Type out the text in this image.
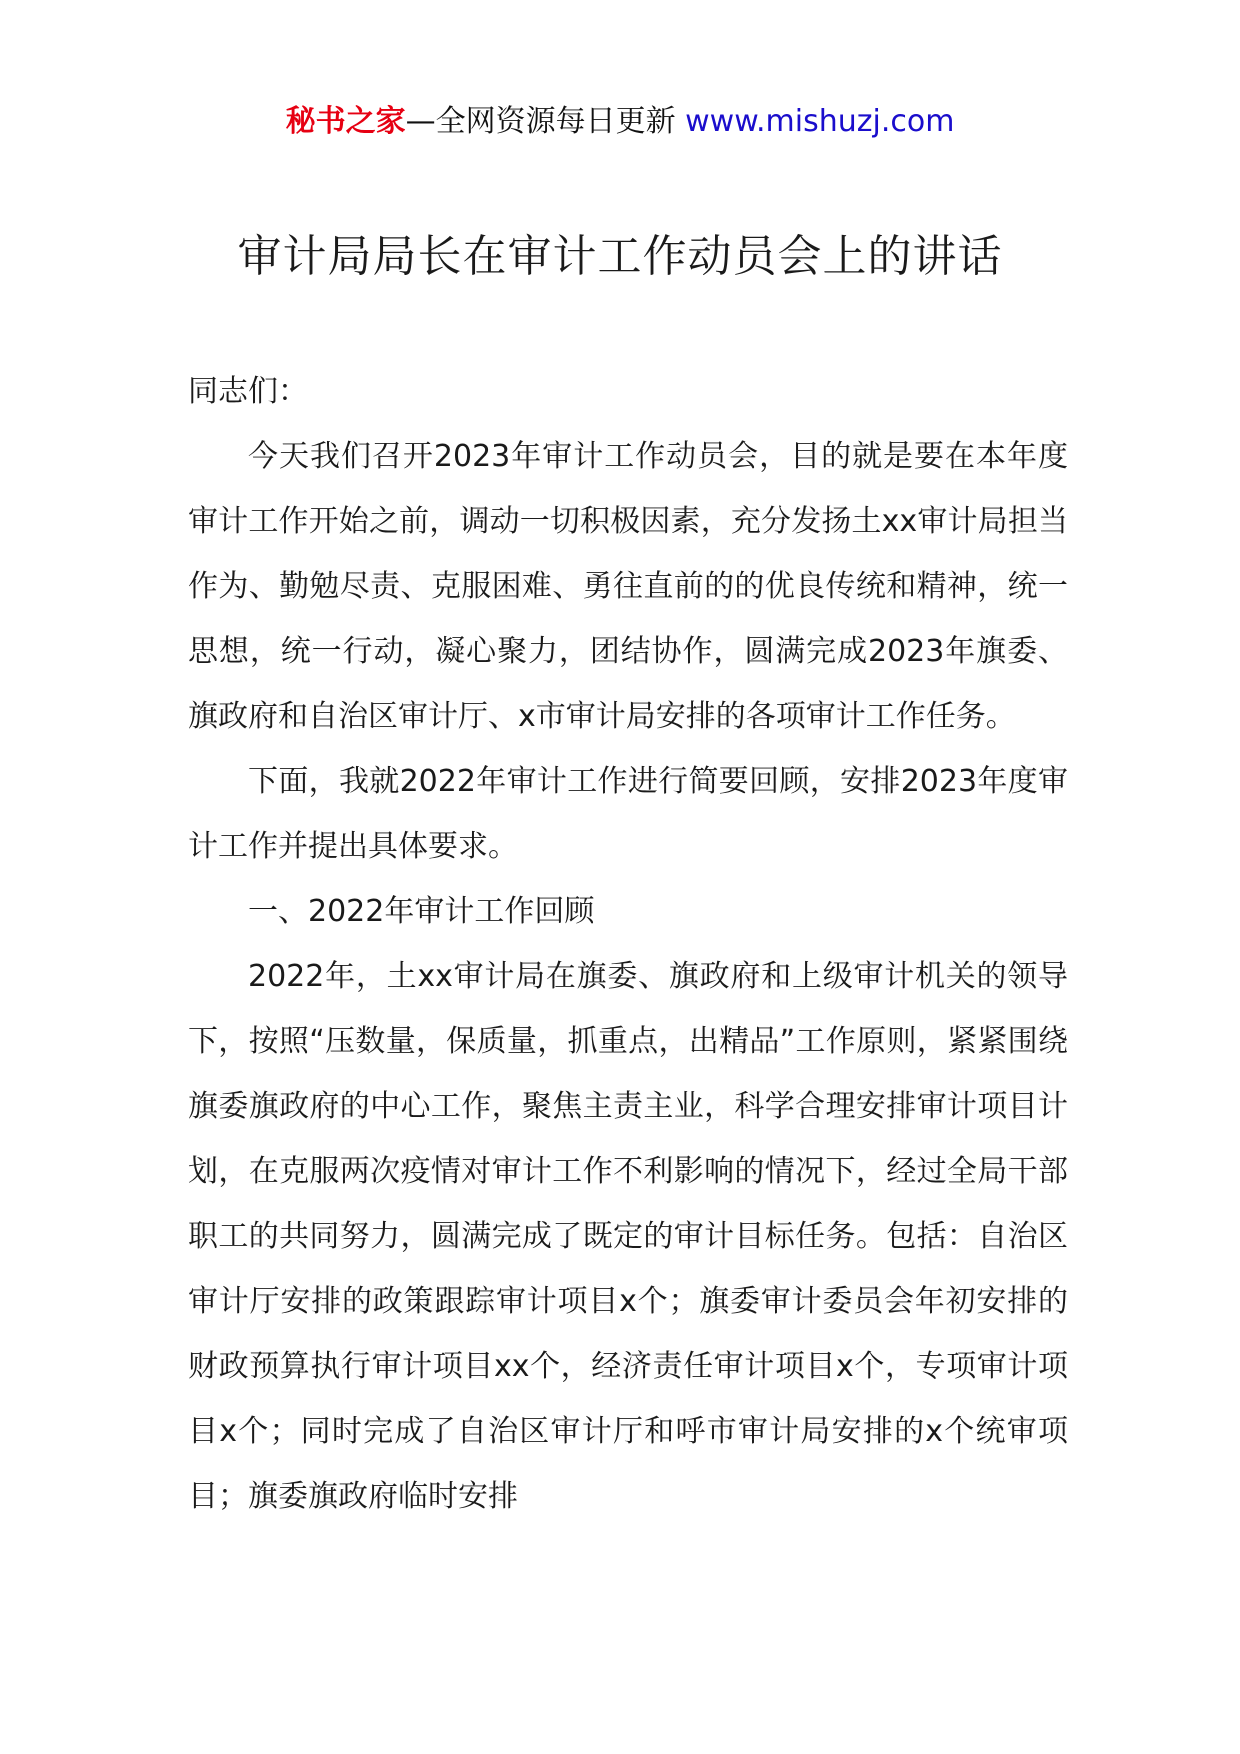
秘书之家—全网资源每日更新 www.mishuzj.com
审计局局长在审计工作动员会上的讲话

同志们：

今天我们召开2023年审计工作动员会，目的就是要在本年度审计工作开始之前，调动一切积极因素，充分发扬土xx审计局担当作为、勤勉尽责、克服困难、勇往直前的的优良传统和精神，统一思想，统一行动，凝心聚力，团结协作，圆满完成2023年旗委、旗政府和自治区审计厅、x市审计局安排的各项审计工作任务。

下面，我就2022年审计工作进行简要回顾，安排2023年度审计工作并提出具体要求。

一、2022年审计工作回顾

2022年，土xx审计局在旗委、旗政府和上级审计机关的领导下，按照“压数量，保质量，抓重点，出精品”工作原则，紧紧围绕旗委旗政府的中心工作，聚焦主责主业，科学合理安排审计项目计划，在克服两次疫情对审计工作不利影响的情况下，经过全局干部职工的共同努力，圆满完成了既定的审计目标任务。包括：自治区审计厅安排的政策跟踪审计项目x个；旗委审计委员会年初安排的财政预算执行审计项目xx个，经济责任审计项目x个，专项审计项目x个；同时完成了自治区审计厅和呼市审计局安排的x个统审项目；旗委旗政府临时安排
